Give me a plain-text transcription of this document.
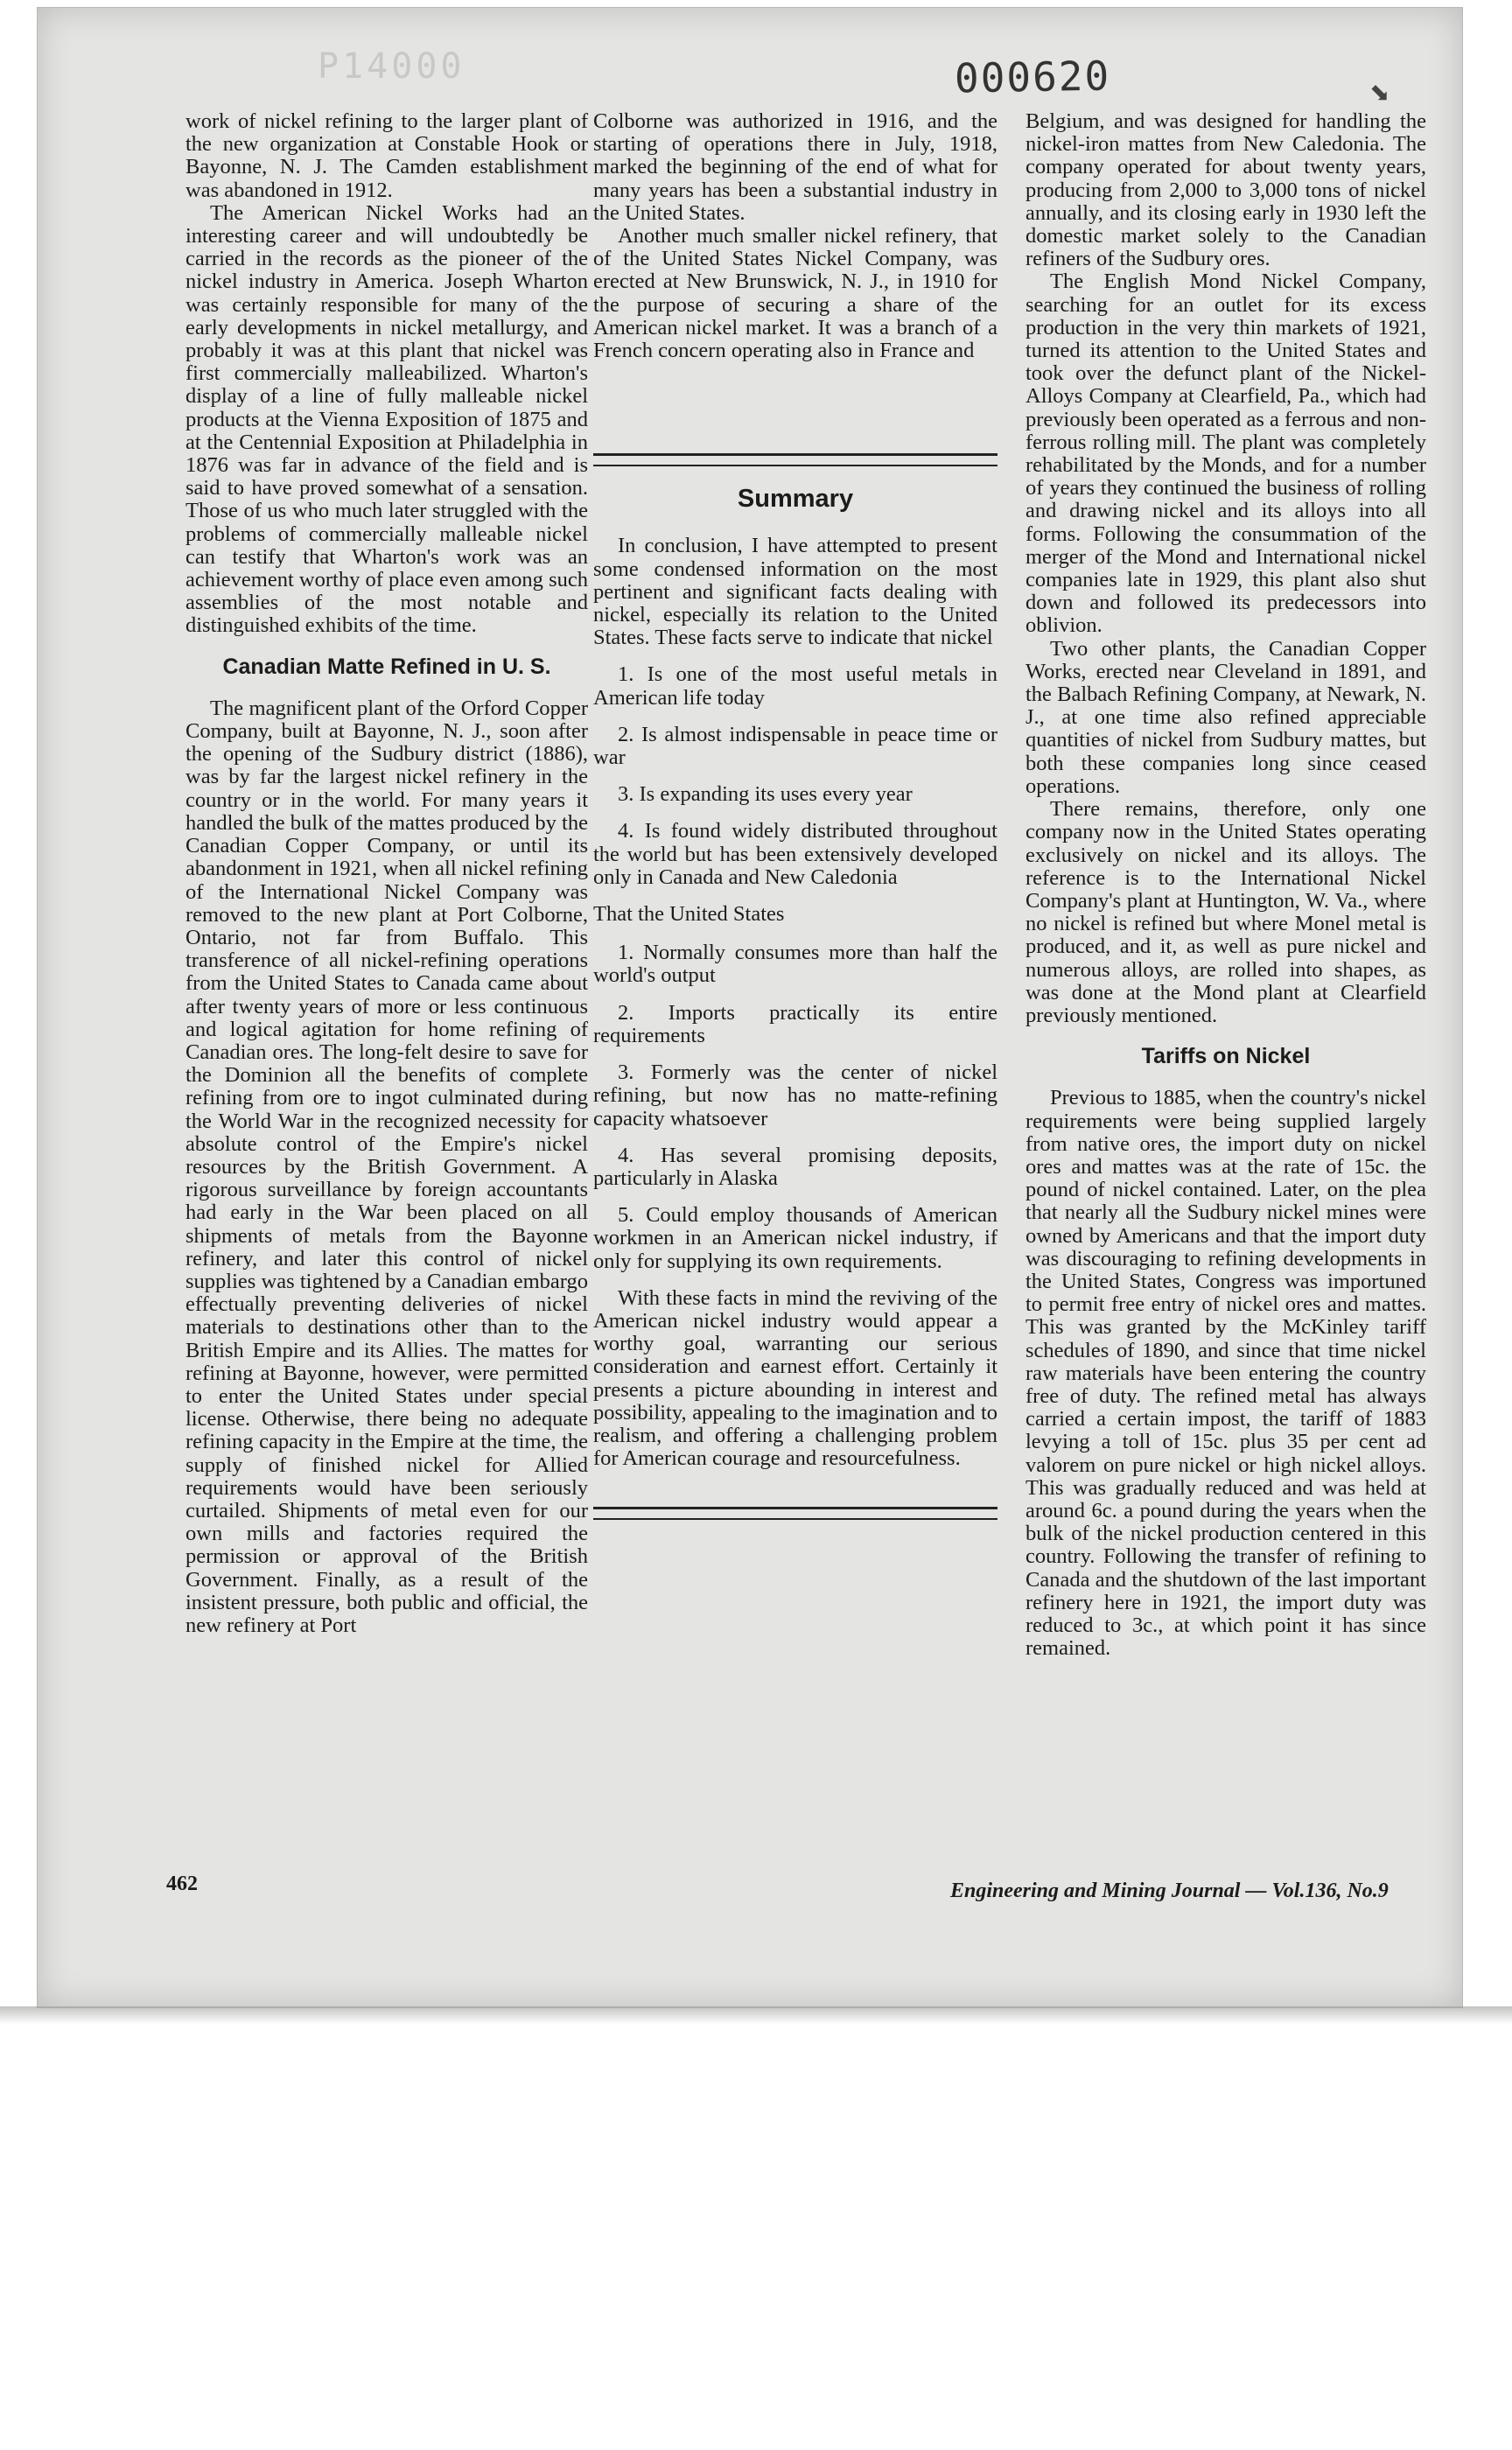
P14000	000620	⬊

work of nickel refining to the larger plant of the new organization at Constable Hook or Bayonne, N. J. The Camden establishment was abandoned in 1912.

The American Nickel Works had an interesting career and will undoubtedly be carried in the records as the pioneer of the nickel industry in America. Joseph Wharton was certainly responsible for many of the early developments in nickel metallurgy, and probably it was at this plant that nickel was first commercially malleabilized. Wharton's display of a line of fully malleable nickel products at the Vienna Exposition of 1875 and at the Centennial Exposition at Philadelphia in 1876 was far in advance of the field and is said to have proved somewhat of a sensation. Those of us who much later struggled with the problems of commercially malleable nickel can testify that Wharton's work was an achievement worthy of place even among such assemblies of the most notable and distinguished exhibits of the time.

Canadian Matte Refined in U. S.

The magnificent plant of the Orford Copper Company, built at Bayonne, N. J., soon after the opening of the Sudbury district (1886), was by far the largest nickel refinery in the country or in the world. For many years it handled the bulk of the mattes produced by the Canadian Copper Company, or until its abandonment in 1921, when all nickel refining of the International Nickel Company was removed to the new plant at Port Colborne, Ontario, not far from Buffalo. This transference of all nickel-refining operations from the United States to Canada came about after twenty years of more or less continuous and logical agitation for home refining of Canadian ores. The long-felt desire to save for the Dominion all the benefits of complete refining from ore to ingot culminated during the World War in the recognized necessity for absolute control of the Empire's nickel resources by the British Government. A rigorous surveillance by foreign accountants had early in the War been placed on all shipments of metals from the Bayonne refinery, and later this control of nickel supplies was tightened by a Canadian embargo effectually preventing deliveries of nickel materials to destinations other than to the British Empire and its Allies. The mattes for refining at Bayonne, however, were permitted to enter the United States under special license. Otherwise, there being no adequate refining capacity in the Empire at the time, the supply of finished nickel for Allied requirements would have been seriously curtailed. Shipments of metal even for our own mills and factories required the permission or approval of the British Government. Finally, as a result of the insistent pressure, both public and official, the new refinery at Port

Colborne was authorized in 1916, and the starting of operations there in July, 1918, marked the beginning of the end of what for many years has been a substantial industry in the United States.

Another much smaller nickel refinery, that of the United States Nickel Company, was erected at New Brunswick, N. J., in 1910 for the purpose of securing a share of the American nickel market. It was a branch of a French concern operating also in France and

Summary

In conclusion, I have attempted to present some condensed information on the most pertinent and significant facts dealing with nickel, especially its relation to the United States. These facts serve to indicate that nickel

1. Is one of the most useful metals in American life today

2. Is almost indispensable in peace time or war

3. Is expanding its uses every year

4. Is found widely distributed throughout the world but has been extensively developed only in Canada and New Caledonia

That the United States

1. Normally consumes more than half the world's output

2. Imports practically its entire requirements

3. Formerly was the center of nickel refining, but now has no matte-refining capacity whatsoever

4. Has several promising deposits, particularly in Alaska

5. Could employ thousands of American workmen in an American nickel industry, if only for supplying its own requirements.

With these facts in mind the reviving of the American nickel industry would appear a worthy goal, warranting our serious consideration and earnest effort. Certainly it presents a picture abounding in interest and possibility, appealing to the imagination and to realism, and offering a challenging problem for American courage and resourcefulness.

Belgium, and was designed for handling the nickel-iron mattes from New Caledonia. The company operated for about twenty years, producing from 2,000 to 3,000 tons of nickel annually, and its closing early in 1930 left the domestic market solely to the Canadian refiners of the Sudbury ores.

The English Mond Nickel Company, searching for an outlet for its excess production in the very thin markets of 1921, turned its attention to the United States and took over the defunct plant of the Nickel-Alloys Company at Clearfield, Pa., which had previously been operated as a ferrous and non-ferrous rolling mill. The plant was completely rehabilitated by the Monds, and for a number of years they continued the business of rolling and drawing nickel and its alloys into all forms. Following the consummation of the merger of the Mond and International nickel companies late in 1929, this plant also shut down and followed its predecessors into oblivion.

Two other plants, the Canadian Copper Works, erected near Cleveland in 1891, and the Balbach Refining Company, at Newark, N. J., at one time also refined appreciable quantities of nickel from Sudbury mattes, but both these companies long since ceased operations.

There remains, therefore, only one company now in the United States operating exclusively on nickel and its alloys. The reference is to the International Nickel Company's plant at Huntington, W. Va., where no nickel is refined but where Monel metal is produced, and it, as well as pure nickel and numerous alloys, are rolled into shapes, as was done at the Mond plant at Clearfield previously mentioned.

Tariffs on Nickel

Previous to 1885, when the country's nickel requirements were being supplied largely from native ores, the import duty on nickel ores and mattes was at the rate of 15c. the pound of nickel contained. Later, on the plea that nearly all the Sudbury nickel mines were owned by Americans and that the import duty was discouraging to refining developments in the United States, Congress was importuned to permit free entry of nickel ores and mattes. This was granted by the McKinley tariff schedules of 1890, and since that time nickel raw materials have been entering the country free of duty. The refined metal has always carried a certain impost, the tariff of 1883 levying a toll of 15c. plus 35 per cent ad valorem on pure nickel or high nickel alloys. This was gradually reduced and was held at around 6c. a pound during the years when the bulk of the nickel production centered in this country. Following the transfer of refining to Canada and the shutdown of the last important refinery here in 1921, the import duty was reduced to 3c., at which point it has since remained.

462	Engineering and Mining Journal — Vol.136, No.9
